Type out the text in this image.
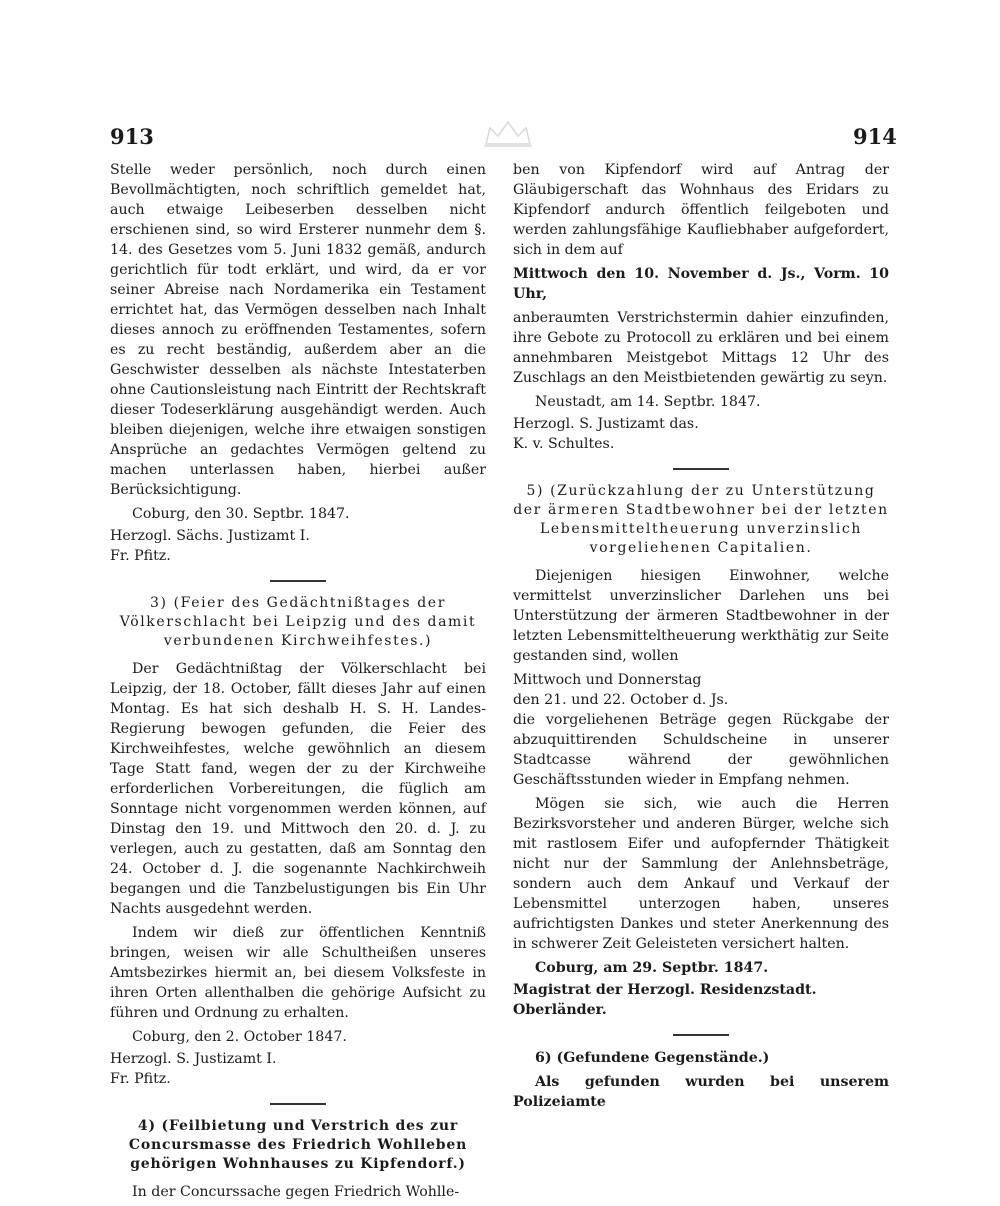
913	914

Stelle weder persönlich, noch durch einen Bevollmächtigten, noch schriftlich gemeldet hat, auch etwaige Leibeserben desselben nicht erschienen sind, so wird Ersterer nunmehr dem §. 14. des Gesetzes vom 5. Juni 1832 gemäß, andurch gerichtlich für todt erklärt, und wird, da er vor seiner Abreise nach Nordamerika ein Testament errichtet hat, das Vermögen desselben nach Inhalt dieses annoch zu eröffnenden Testamentes, sofern es zu recht beständig, außerdem aber an die Geschwister desselben als nächste Intestaterben ohne Cautionsleistung nach Eintritt der Rechtskraft dieser Todeserklärung ausgehändigt werden. Auch bleiben diejenigen, welche ihre etwaigen sonstigen Ansprüche an gedachtes Vermögen geltend zu machen unterlassen haben, hierbei außer Berücksichtigung.

Coburg, den 30. Septbr. 1847.

Herzogl. Sächs. Justizamt I.

Fr. Pfitz.

3) (Feier des Gedächtnißtages der Völkerschlacht bei Leipzig und des damit verbundenen Kirchweihfestes.)

Der Gedächtnißtag der Völkerschlacht bei Leipzig, der 18. October, fällt dieses Jahr auf einen Montag. Es hat sich deshalb H. S. H. Landes-Regierung bewogen gefunden, die Feier des Kirchweihfestes, welche gewöhnlich an diesem Tage Statt fand, wegen der zu der Kirchweihe erforderlichen Vorbereitungen, die füglich am Sonntage nicht vorgenommen werden können, auf Dinstag den 19. und Mittwoch den 20. d. J. zu verlegen, auch zu gestatten, daß am Sonntag den 24. October d. J. die sogenannte Nachkirchweih begangen und die Tanzbelustigungen bis Ein Uhr Nachts ausgedehnt werden.

Indem wir dieß zur öffentlichen Kenntniß bringen, weisen wir alle Schultheißen unseres Amtsbezirkes hiermit an, bei diesem Volksfeste in ihren Orten allenthalben die gehörige Aufsicht zu führen und Ordnung zu erhalten.

Coburg, den 2. October 1847.

Herzogl. S. Justizamt I.

Fr. Pfitz.

4) (Feilbietung und Verstrich des zur Concursmasse des Friedrich Wohlleben gehörigen Wohnhauses zu Kipfendorf.)

In der Concurssache gegen Friedrich Wohlle-

ben von Kipfendorf wird auf Antrag der Gläubigerschaft das Wohnhaus des Eridars zu Kipfendorf andurch öffentlich feilgeboten und werden zahlungsfähige Kaufliebhaber aufgefordert, sich in dem auf

Mittwoch den 10. November d. Js., Vorm. 10 Uhr,

anberaumten Verstrichstermin dahier einzufinden, ihre Gebote zu Protocoll zu erklären und bei einem annehmbaren Meistgebot Mittags 12 Uhr des Zuschlags an den Meistbietenden gewärtig zu seyn.

Neustadt, am 14. Septbr. 1847.

Herzogl. S. Justizamt das.

K. v. Schultes.

5) (Zurückzahlung der zu Unterstützung der ärmeren Stadtbewohner bei der letzten Lebensmitteltheuerung unverzinslich vorgeliehenen Capitalien.

Diejenigen hiesigen Einwohner, welche vermittelst unverzinslicher Darlehen uns bei Unterstützung der ärmeren Stadtbewohner in der letzten Lebensmitteltheuerung werkthätig zur Seite gestanden sind, wollen

Mittwoch und Donnerstag

den 21. und 22. October d. Js.

die vorgeliehenen Beträge gegen Rückgabe der abzuquittirenden Schuldscheine in unserer Stadtcasse während der gewöhnlichen Geschäftsstunden wieder in Empfang nehmen.

Mögen sie sich, wie auch die Herren Bezirksvorsteher und anderen Bürger, welche sich mit rastlosem Eifer und aufopfernder Thätigkeit nicht nur der Sammlung der Anlehnsbeträge, sondern auch dem Ankauf und Verkauf der Lebensmittel unterzogen haben, unseres aufrichtigsten Dankes und steter Anerkennung des in schwerer Zeit Geleisteten versichert halten.

Coburg, am 29. Septbr. 1847.

Magistrat der Herzogl. Residenzstadt.

Oberländer.

6) (Gefundene Gegenstände.)

Als gefunden wurden bei unserem Polizeiamte
